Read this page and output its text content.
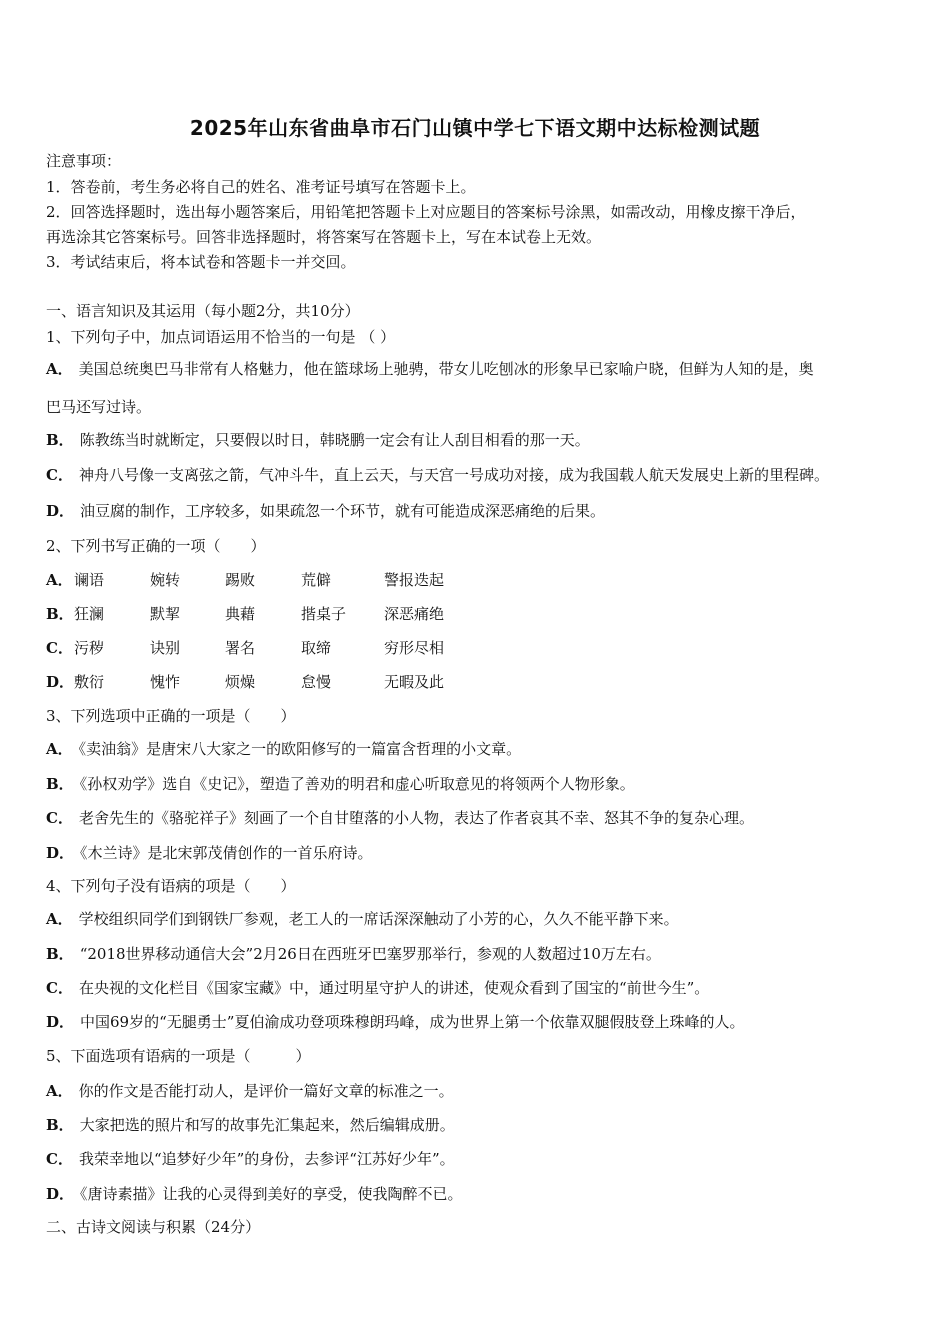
2025年山东省曲阜市石门山镇中学七下语文期中达标检测试题
注意事项：
1．答卷前，考生务必将自己的姓名、准考证号填写在答题卡上。
2．回答选择题时，选出每小题答案后，用铅笔把答题卡上对应题目的答案标号涂黑，如需改动，用橡皮擦干净后，
再选涂其它答案标号。回答非选择题时，将答案写在答题卡上，写在本试卷上无效。
3．考试结束后，将本试卷和答题卡一并交回。
一、语言知识及其运用（每小题2分，共10分）
1、下列句子中，加点词语运用不恰当的一句是 （ ）
A． 美国总统奥巴马非常有人格魅力，他在篮球场上驰骋，带女儿吃刨冰的形象早已家喻户晓，但鲜为人知的是，奥
巴马还写过诗。
B． 陈教练当时就断定，只要假以时日，韩晓鹏一定会有让人刮目相看的那一天。
C． 神舟八号像一支离弦之箭，气冲斗牛，直上云天，与天宫一号成功对接，成为我国载人航天发展史上新的里程碑。
D． 油豆腐的制作，工序较多，如果疏忽一个环节，就有可能造成深恶痛绝的后果。
2、下列书写正确的一项（　　）
A． 谰语	婉转	踢败	荒僻	警报迭起
B． 狂澜	默挈	典藉	揩桌子	深恶痛绝
C． 污秽	诀别	署名	取缔	穷形尽相
D． 敷衍	愧怍	烦燥	怠慢	无暇及此
3、下列选项中正确的一项是（　　）
A． 《卖油翁》是唐宋八大家之一的欧阳修写的一篇富含哲理的小文章。
B． 《孙权劝学》选自《史记》，塑造了善劝的明君和虚心听取意见的将领两个人物形象。
C． 老舍先生的《骆驼祥子》刻画了一个自甘堕落的小人物，表达了作者哀其不幸、怒其不争的复杂心理。
D． 《木兰诗》是北宋郭茂倩创作的一首乐府诗。
4、下列句子没有语病的项是（　　）
A． 学校组织同学们到钢铁厂参观，老工人的一席话深深触动了小芳的心，久久不能平静下来。
B． “2018世界移动通信大会”2月26日在西班牙巴塞罗那举行，参观的人数超过10万左右。
C． 在央视的文化栏目《国家宝藏》中，通过明星守护人的讲述，使观众看到了国宝的“前世今生”。
D． 中国69岁的“无腿勇士”夏伯渝成功登项珠穆朗玛峰，成为世界上第一个依靠双腿假肢登上珠峰的人。
5、下面选项有语病的一项是（　　　）
A． 你的作文是否能打动人，是评价一篇好文章的标准之一。
B． 大家把选的照片和写的故事先汇集起来，然后编辑成册。
C． 我荣幸地以“追梦好少年”的身份，去参评“江苏好少年”。
D． 《唐诗素描》让我的心灵得到美好的享受，使我陶醉不已。
二、古诗文阅读与积累（24分）
